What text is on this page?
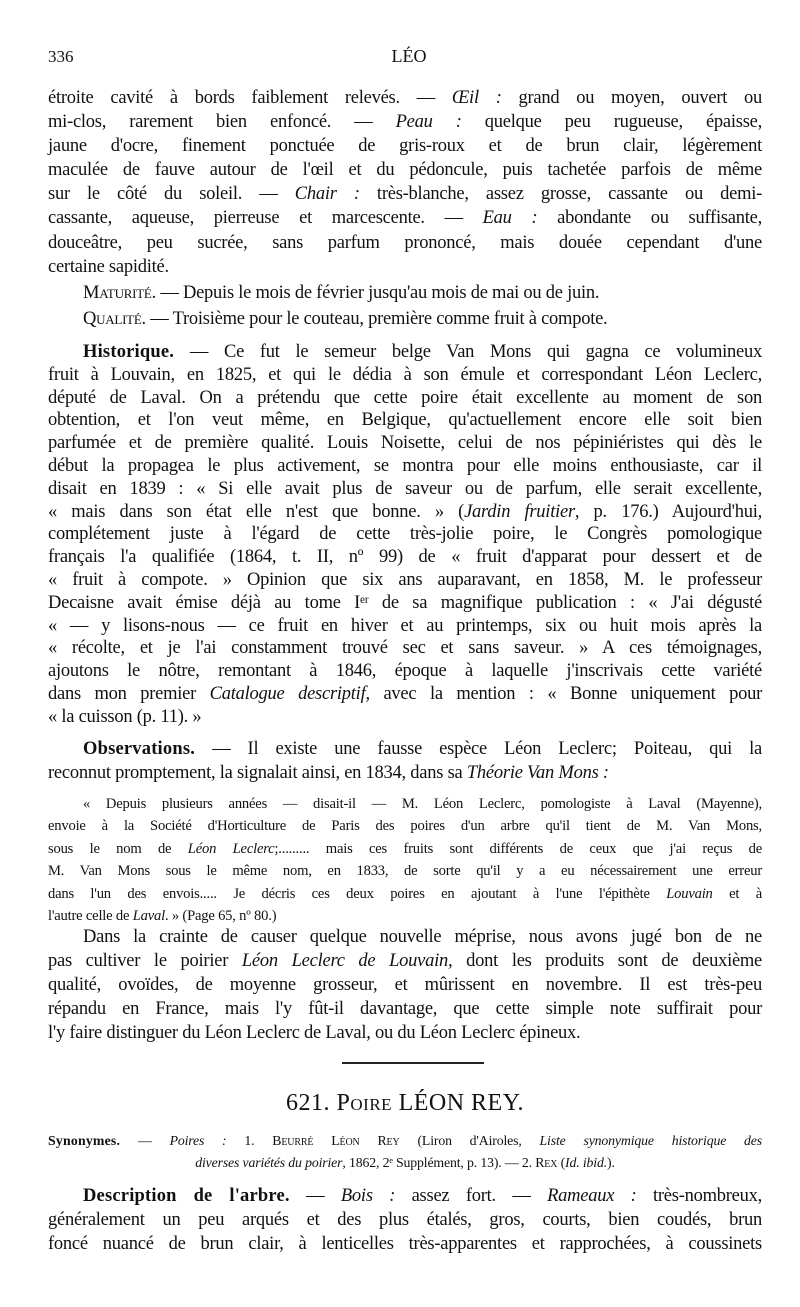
336	LÉO
étroite cavité à bords faiblement relevés. — Œil : grand ou moyen, ouvert ou
mi-clos, rarement bien enfoncé. — Peau : quelque peu rugueuse, épaisse,
jaune d'ocre, finement ponctuée de gris-roux et de brun clair, légèrement
maculée de fauve autour de l'œil et du pédoncule, puis tachetée parfois de même
sur le côté du soleil. — Chair : très-blanche, assez grosse, cassante ou demi-
cassante, aqueuse, pierreuse et marcescente. — Eau : abondante ou suffisante,
douceâtre, peu sucrée, sans parfum prononcé, mais douée cependant d'une
certaine sapidité.
Maturité. — Depuis le mois de février jusqu'au mois de mai ou de juin.
Qualité. — Troisième pour le couteau, première comme fruit à compote.
Historique. — Ce fut le semeur belge Van Mons qui gagna ce volumineux
fruit à Louvain, en 1825, et qui le dédia à son émule et correspondant Léon Leclerc,
député de Laval. On a prétendu que cette poire était excellente au moment de son
obtention, et l'on veut même, en Belgique, qu'actuellement encore elle soit bien
parfumée et de première qualité. Louis Noisette, celui de nos pépiniéristes qui dès le
début la propagea le plus activement, se montra pour elle moins enthousiaste, car il
disait en 1839 : « Si elle avait plus de saveur ou de parfum, elle serait excellente,
« mais dans son état elle n'est que bonne. » (Jardin fruitier, p. 176.) Aujourd'hui,
complétement juste à l'égard de cette très-jolie poire, le Congrès pomologique
français l'a qualifiée (1864, t. II, nº 99) de « fruit d'apparat pour dessert et de
« fruit à compote. » Opinion que six ans auparavant, en 1858, M. le professeur
Decaisne avait émise déjà au tome Iᵉʳ de sa magnifique publication : « J'ai dégusté
« — y lisons-nous — ce fruit en hiver et au printemps, six ou huit mois après la
« récolte, et je l'ai constamment trouvé sec et sans saveur. » A ces témoignages,
ajoutons le nôtre, remontant à 1846, époque à laquelle j'inscrivais cette variété
dans mon premier Catalogue descriptif, avec la mention : « Bonne uniquement pour
« la cuisson (p. 11). »
Observations. — Il existe une fausse espèce Léon Leclerc; Poiteau, qui la
reconnut promptement, la signalait ainsi, en 1834, dans sa Théorie Van Mons :
« Depuis plusieurs années — disait-il — M. Léon Leclerc, pomologiste à Laval (Mayenne),
envoie à la Société d'Horticulture de Paris des poires d'un arbre qu'il tient de M. Van Mons,
sous le nom de Léon Leclerc;......... mais ces fruits sont différents de ceux que j'ai reçus de
M. Van Mons sous le même nom, en 1833, de sorte qu'il y a eu nécessairement une erreur
dans l'un des envois..... Je décris ces deux poires en ajoutant à l'une l'épithète Louvain et à
l'autre celle de Laval. » (Page 65, nº 80.)
Dans la crainte de causer quelque nouvelle méprise, nous avons jugé bon de ne
pas cultiver le poirier Léon Leclerc de Louvain, dont les produits sont de deuxième
qualité, ovoïdes, de moyenne grosseur, et mûrissent en novembre. Il est très-peu
répandu en France, mais l'y fût-il davantage, que cette simple note suffirait pour
l'y faire distinguer du Léon Leclerc de Laval, ou du Léon Leclerc épineux.
621. Poire LÉON REY.
Synonymes. — Poires : 1. Beurré Léon Rey (Liron d'Airoles, Liste synonymique historique des
diverses variétés du poirier, 1862, 2ᵉ Supplément, p. 13). — 2. Rex (Id. ibid.).
Description de l'arbre. — Bois : assez fort. — Rameaux : très-nombreux,
généralement un peu arqués et des plus étalés, gros, courts, bien coudés, brun
foncé nuancé de brun clair, à lenticelles très-apparentes et rapprochées, à coussinets
